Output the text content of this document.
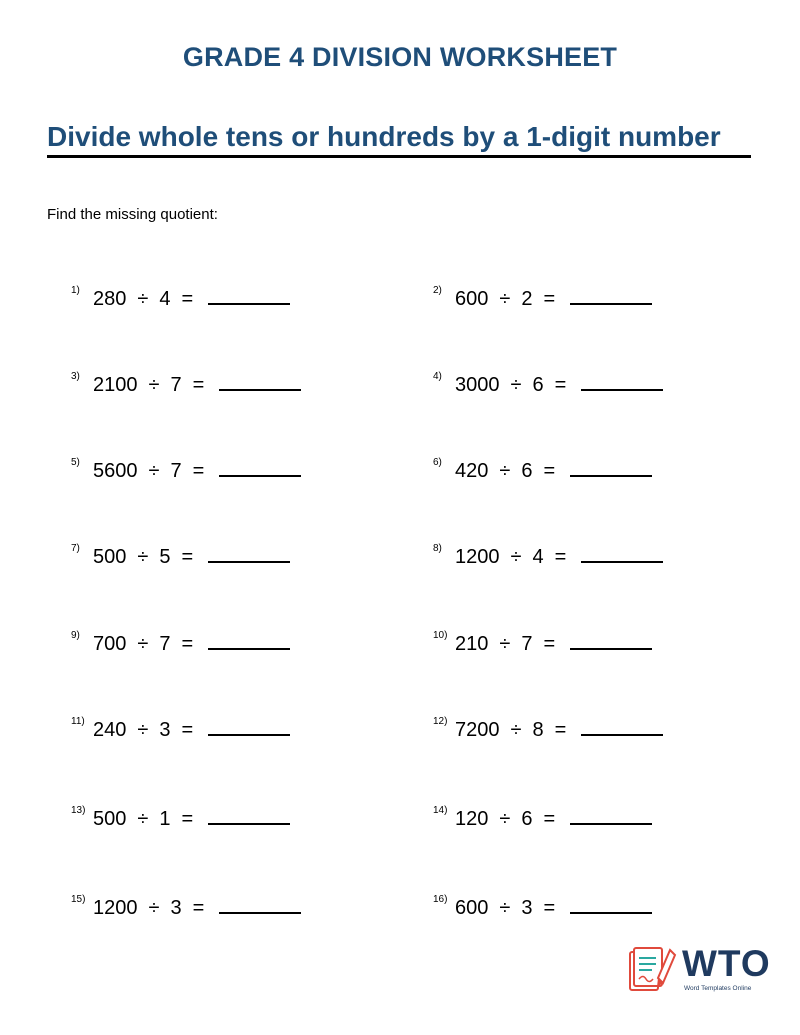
GRADE 4 DIVISION WORKSHEET
Divide whole tens or hundreds by a 1-digit number
Find the missing quotient:
1) 280 ÷ 4 =	2) 600 ÷ 2 =
3) 2100 ÷ 7 =	4) 3000 ÷ 6 =
5) 5600 ÷ 7 =	6) 420 ÷ 6 =
7) 500 ÷ 5 =	8) 1200 ÷ 4 =
9) 700 ÷ 7 =	10) 210 ÷ 7 =
11) 240 ÷ 3 =	12) 7200 ÷ 8 =
13) 500 ÷ 1 =	14) 120 ÷ 6 =
15) 1200 ÷ 3 =	16) 600 ÷ 3 =
WTO
Word Templates Online
